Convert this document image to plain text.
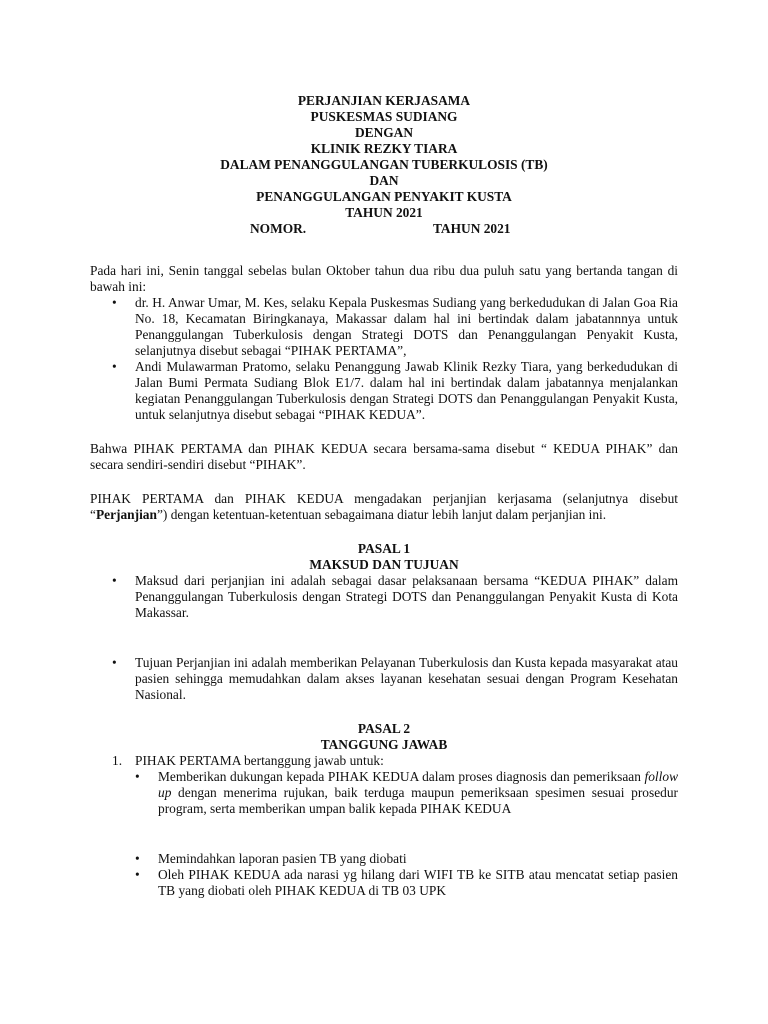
PERJANJIAN KERJASAMA
PUSKESMAS SUDIANG
DENGAN
KLINIK REZKY TIARA
DALAM PENANGGULANGAN TUBERKULOSIS (TB)
DAN
PENANGGULANGAN PENYAKIT KUSTA
TAHUN 2021
NOMOR.	TAHUN 2021

Pada hari ini, Senin tanggal sebelas bulan Oktober tahun dua ribu dua puluh satu yang bertanda tangan di bawah ini:

• dr. H. Anwar Umar, M. Kes, selaku Kepala Puskesmas Sudiang yang berkedudukan di Jalan Goa Ria No. 18, Kecamatan Biringkanaya, Makassar dalam hal ini bertindak dalam jabatannnya untuk Penanggulangan Tuberkulosis dengan Strategi DOTS dan Penanggulangan Penyakit Kusta, selanjutnya disebut sebagai “PIHAK PERTAMA”,
• Andi Mulawarman Pratomo, selaku Penanggung Jawab Klinik Rezky Tiara, yang berkedudukan di Jalan Bumi Permata Sudiang Blok E1/7. dalam hal ini bertindak dalam jabatannya menjalankan kegiatan Penanggulangan Tuberkulosis dengan Strategi DOTS dan Penanggulangan Penyakit Kusta, untuk selanjutnya disebut sebagai “PIHAK KEDUA”.

Bahwa PIHAK PERTAMA dan PIHAK KEDUA secara bersama-sama disebut “ KEDUA PIHAK” dan secara sendiri-sendiri disebut “PIHAK”.

PIHAK PERTAMA dan PIHAK KEDUA mengadakan perjanjian kerjasama (selanjutnya disebut “Perjanjian”) dengan ketentuan-ketentuan sebagaimana diatur lebih lanjut dalam perjanjian ini.

PASAL 1
MAKSUD DAN TUJUAN
• Maksud dari perjanjian ini adalah sebagai dasar pelaksanaan bersama “KEDUA PIHAK” dalam Penanggulangan Tuberkulosis dengan Strategi DOTS dan Penanggulangan Penyakit Kusta di Kota Makassar.
• Tujuan Perjanjian ini adalah memberikan Pelayanan Tuberkulosis dan Kusta kepada masyarakat atau pasien sehingga memudahkan dalam akses layanan kesehatan sesuai dengan Program Kesehatan Nasional.
PASAL 2
TANGGUNG JAWAB
1. PIHAK PERTAMA bertanggung jawab untuk:
• Memberikan dukungan kepada PIHAK KEDUA dalam proses diagnosis dan pemeriksaan follow up dengan menerima rujukan, baik terduga maupun pemeriksaan spesimen sesuai prosedur program, serta memberikan umpan balik kepada PIHAK KEDUA
• Memindahkan laporan pasien TB yang diobati
• Oleh PIHAK KEDUA ada narasi yg hilang dari WIFI TB ke SITB atau mencatat setiap pasien TB yang diobati oleh PIHAK KEDUA di TB 03 UPK
